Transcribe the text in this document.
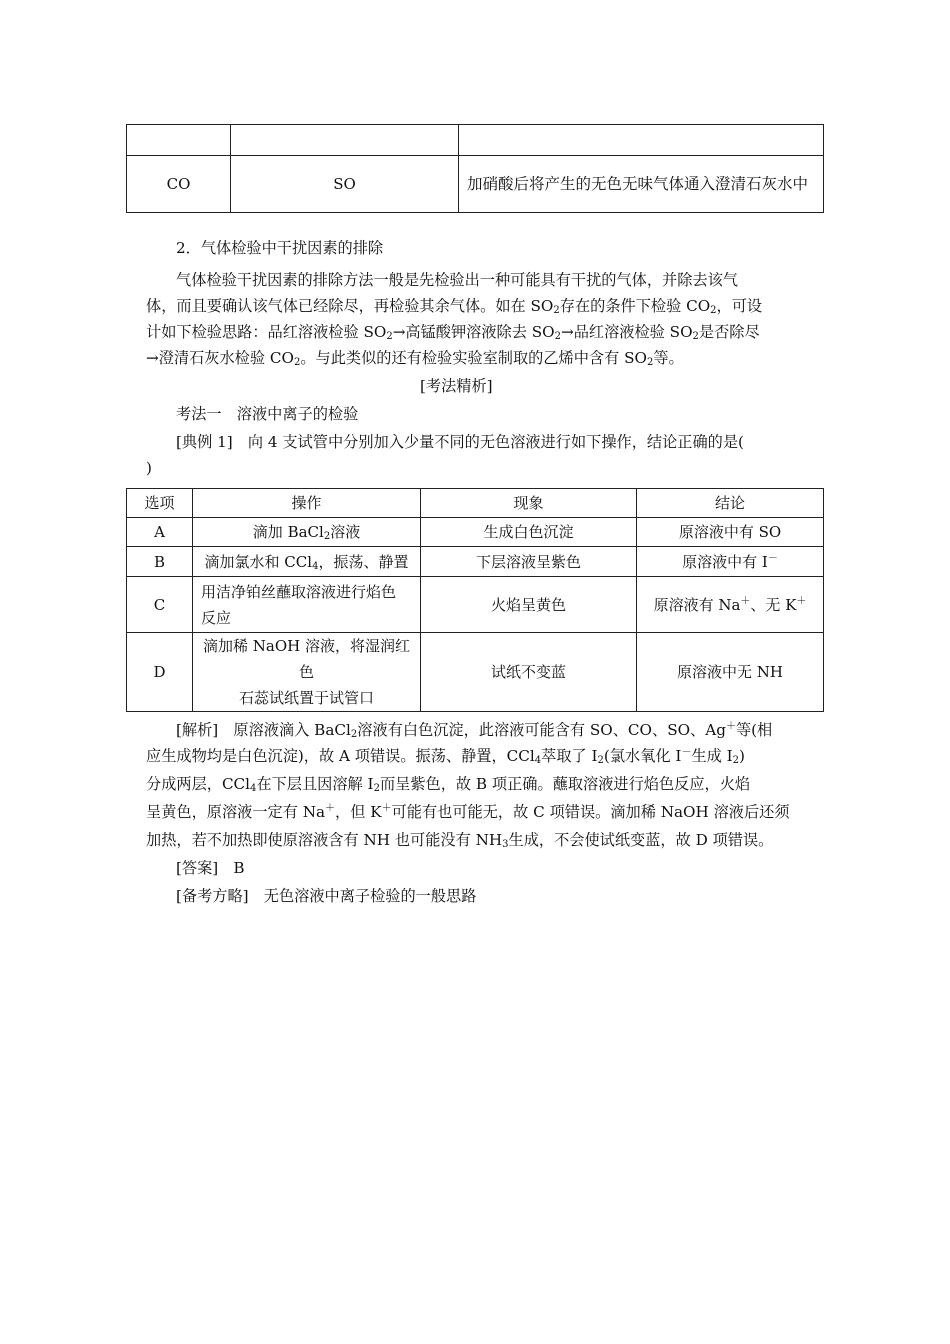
CO	SO	加硝酸后将产生的无色无味气体通入澄清石灰水中
2．气体检验中干扰因素的排除
气体检验干扰因素的排除方法一般是先检验出一种可能具有干扰的气体，并除去该气
体，而且要确认该气体已经除尽，再检验其余气体。如在 $SO_2$存在的条件下检验 $CO_2$，可设
计如下检验思路：品红溶液检验 $SO_2\to$高锰酸钾溶液除去 $SO_2\to$品红溶液检验 $SO_2$是否除尽
→澄清石灰水检验 $CO_2$。与此类似的还有检验实验室制取的乙烯中含有 $SO_2$等。
[考法精析]
考法一　溶液中离子的检验
[典例 1]　向 4 支试管中分别加入少量不同的无色溶液进行如下操作，结论正确的是(
)
选项	操作	现象	结论
A	滴加 BaCl$_2$溶液	生成白色沉淀	原溶液中有 SO
B	滴加氯水和 CCl$_4$，振荡、静置	下层溶液呈紫色	原溶液中有 I－
C	用洁净铂丝蘸取溶液进行焰色
反应	火焰呈黄色	原溶液有 Na＋、无 K＋
D	滴加稀 NaOH 溶液，将湿润红色
石蕊试纸置于试管口	试纸不变蓝	原溶液中无 NH
[解析]　原溶液滴入 BaCl$_2$溶液有白色沉淀，此溶液可能含有 SO、CO、SO、Ag＋等(相
应生成物均是白色沉淀)，故 A 项错误。振荡、静置，CCl$_4$萃取了 $I_2$(氯水氧化 I－生成 $I_2$)
分成两层，CCl$_4$在下层且因溶解 $I_2$而呈紫色，故 B 项正确。蘸取溶液进行焰色反应，火焰
呈黄色，原溶液一定有 Na＋，但 K＋可能有也可能无，故 C 项错误。滴加稀 NaOH 溶液后还须
加热，若不加热即使原溶液含有 NH 也可能没有 $NH_3$生成，不会使试纸变蓝，故 D 项错误。
[答案]　B
[备考方略]　无色溶液中离子检验的一般思路
